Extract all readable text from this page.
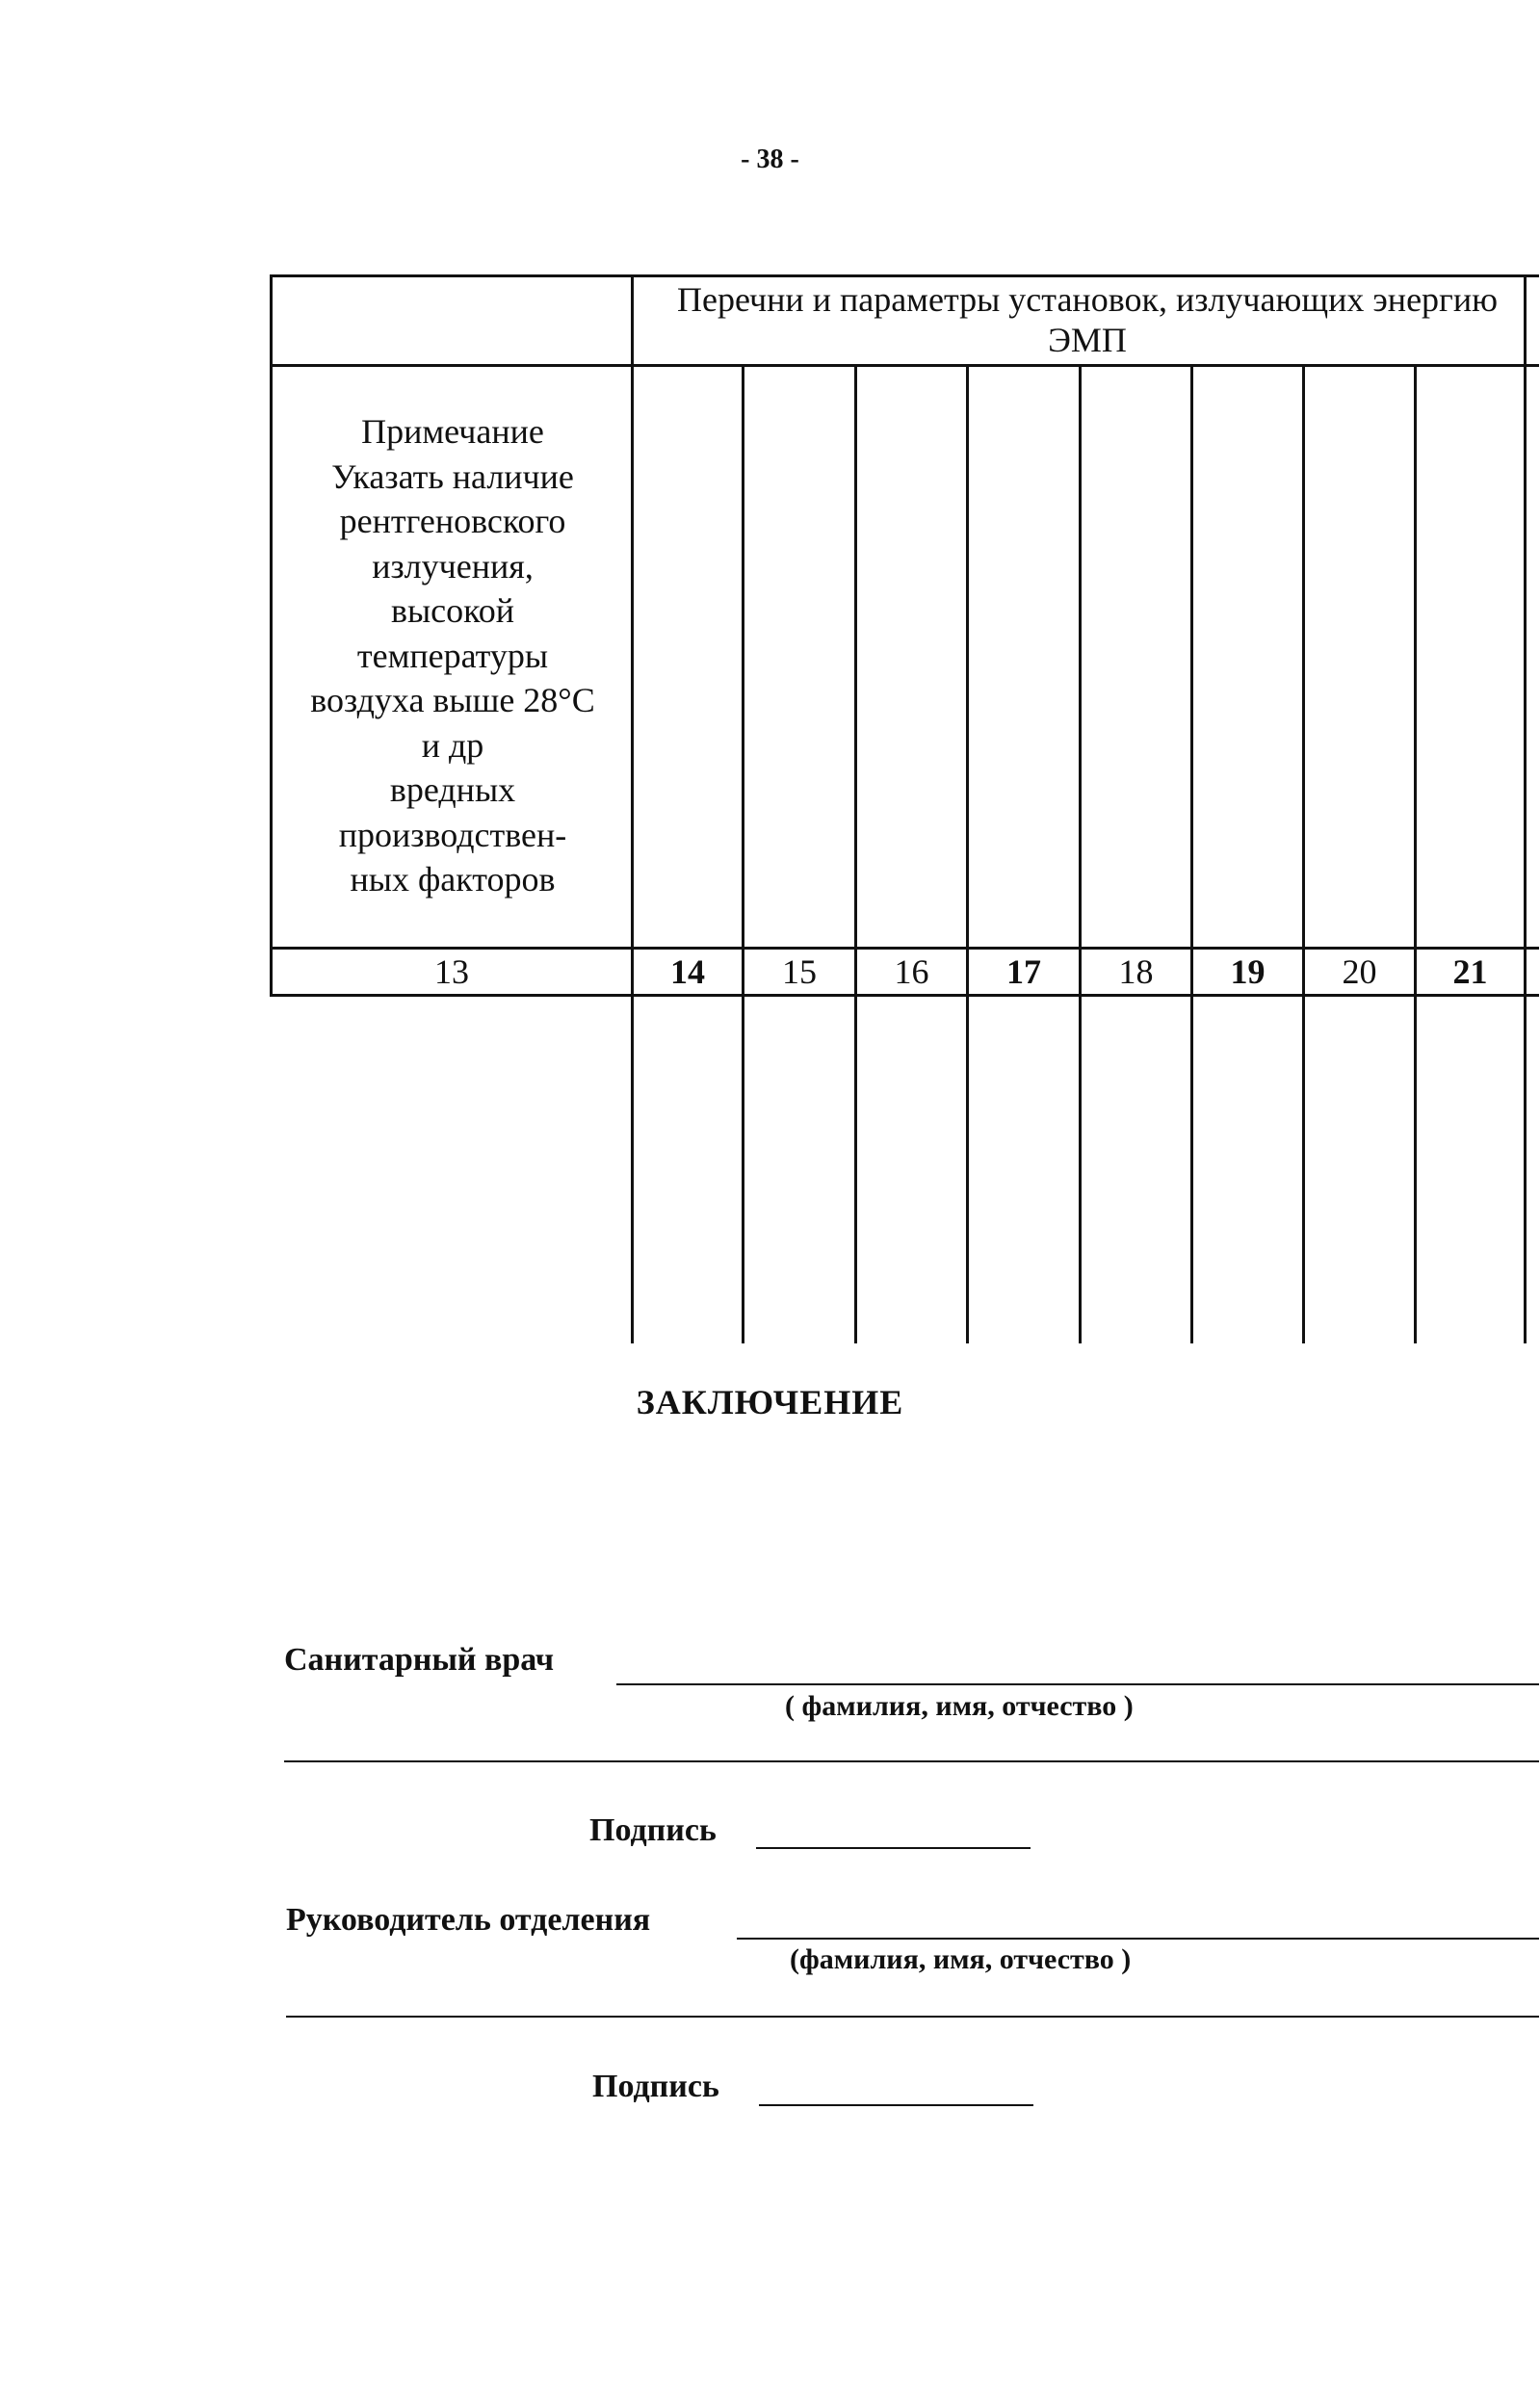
- 38 -
Перечни и параметры установок, излучающих энергию ЭМП
Примечание
Указать наличие
рентгеновского
излучения,
высокой
температуры
воздуха выше 28°С
и др
вредных
производствен-
ных факторов
13	14	15	16	17	18	19	20	21
ЗАКЛЮЧЕНИЕ
Санитарный врач
( фамилия, имя, отчество )
Подпись
Руководитель отделения
(фамилия, имя, отчество )
Подпись
